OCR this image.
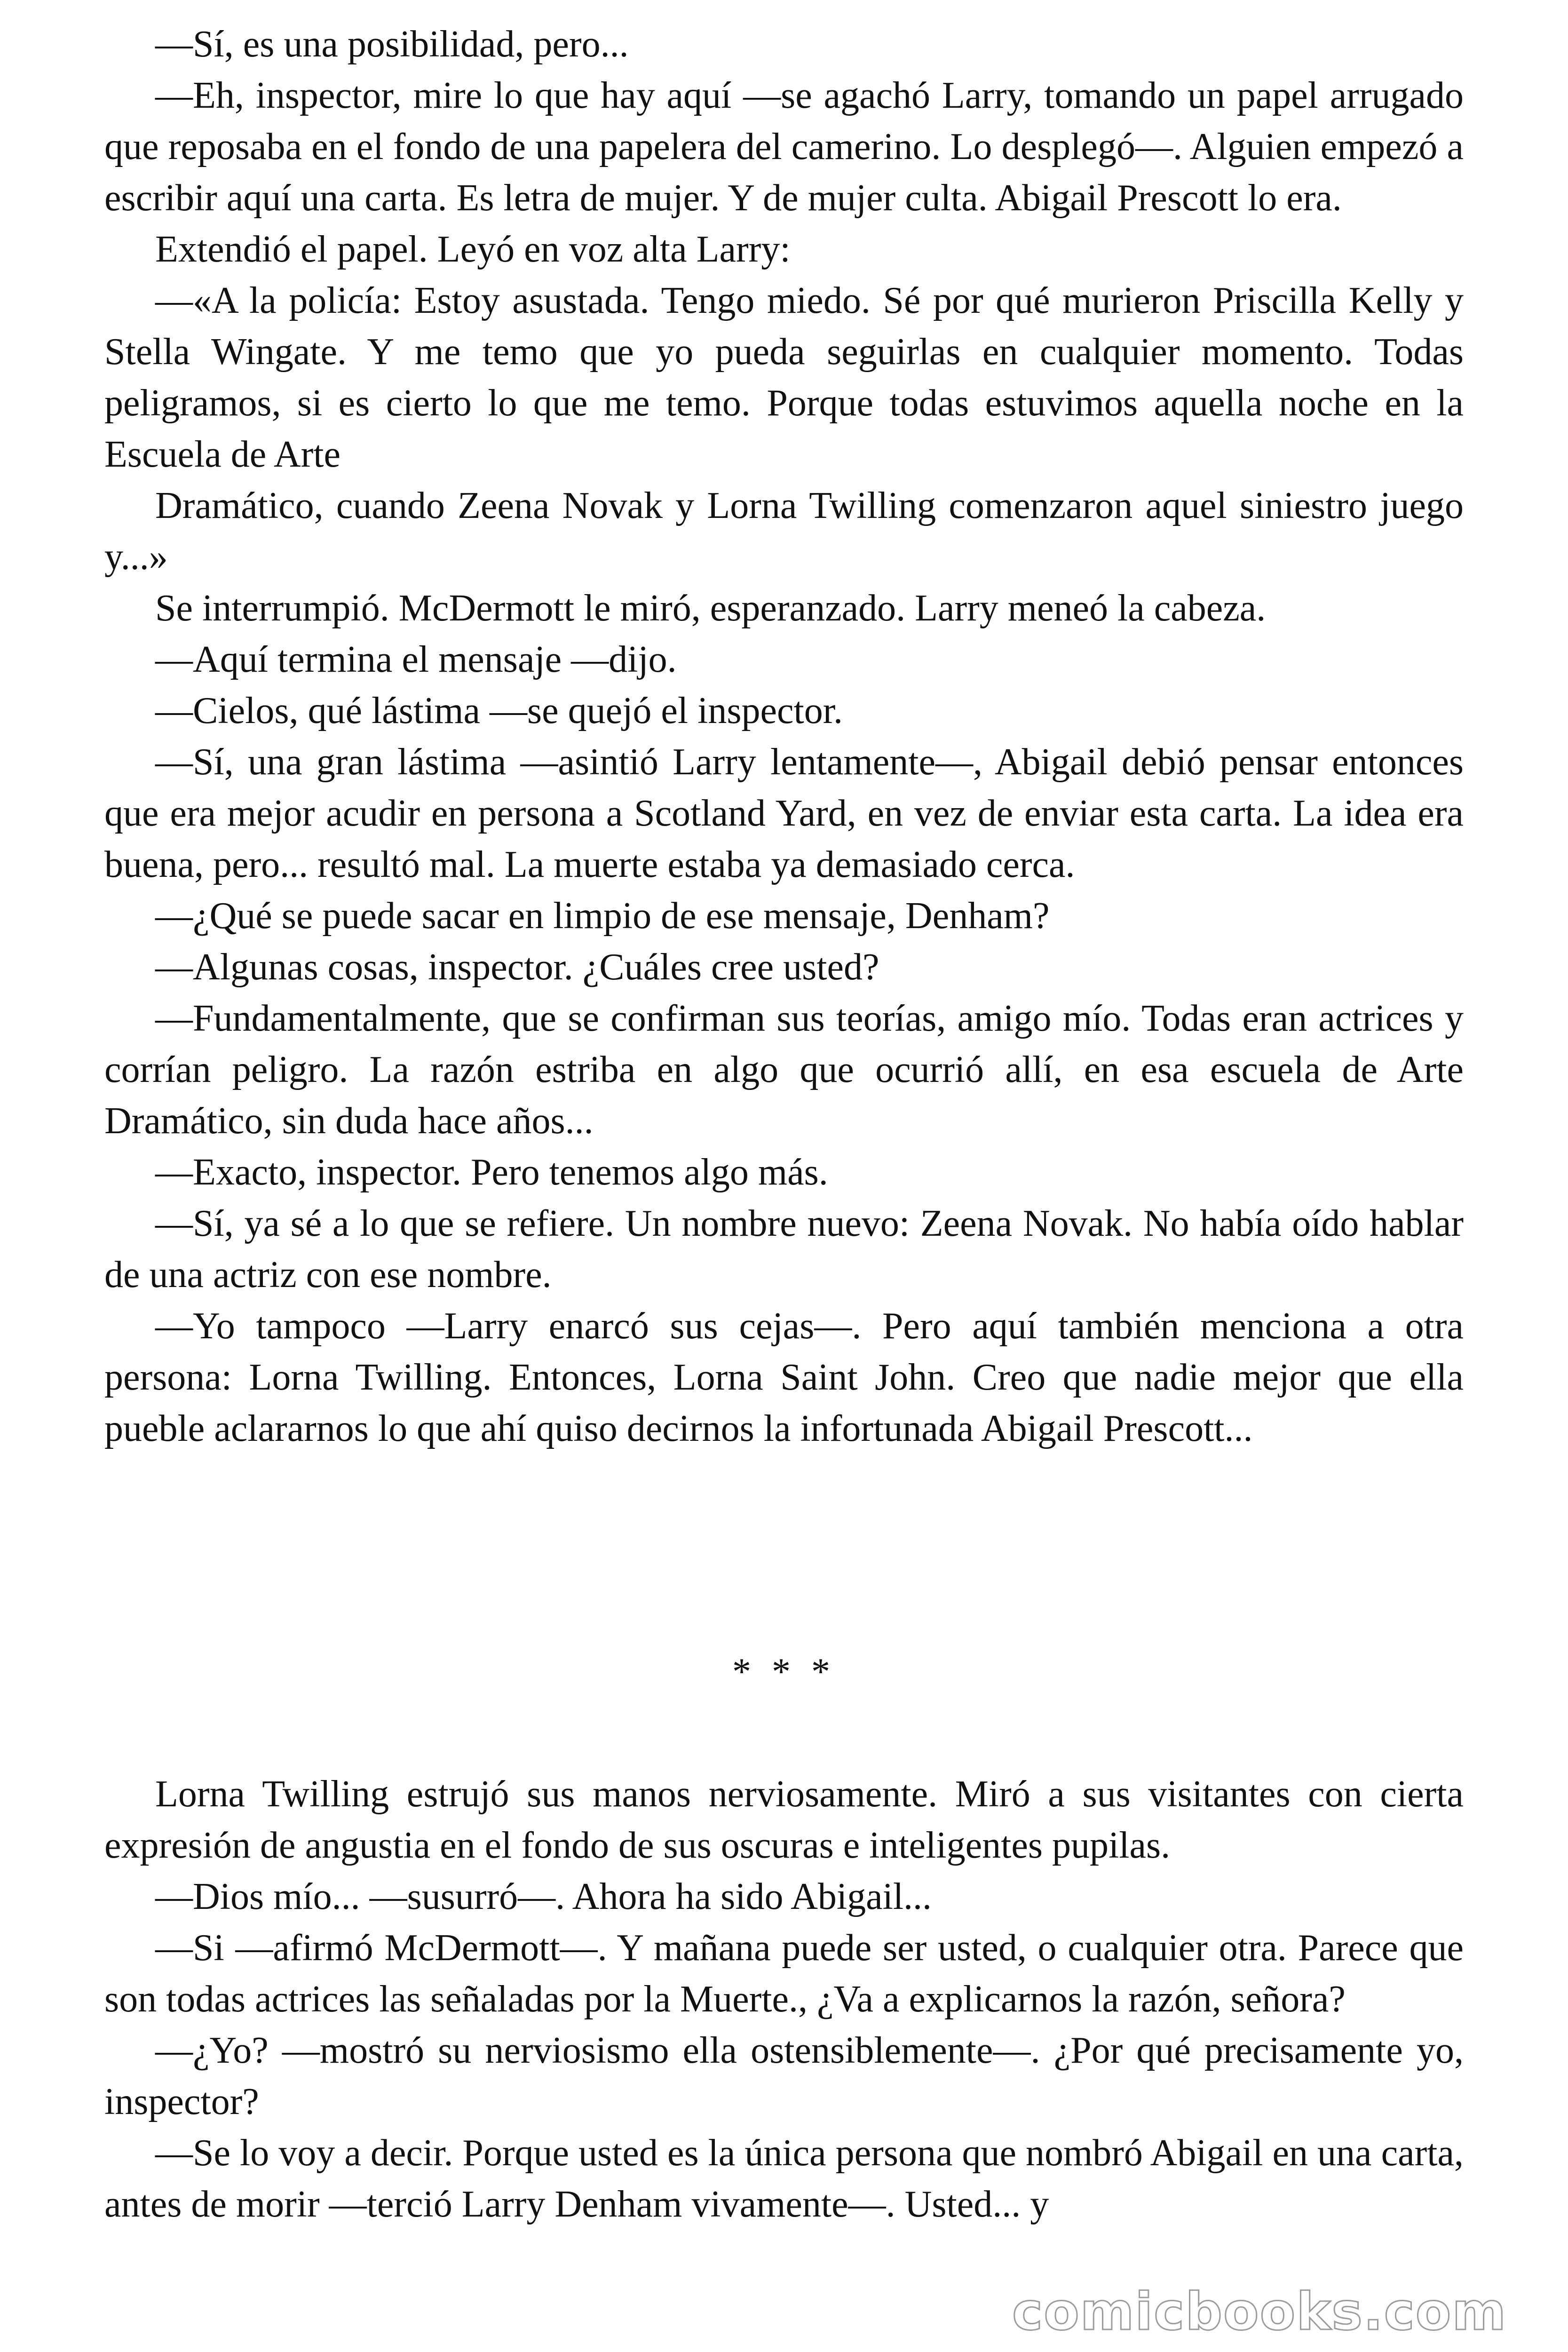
—Sí, es una posibilidad, pero...

—Eh, inspector, mire lo que hay aquí —se agachó Larry, tomando un papel arrugado que reposaba en el fondo de una papelera del camerino. Lo desplegó—. Alguien empezó a escribir aquí una carta. Es letra de mujer. Y de mujer culta. Abigail Prescott lo era.

Extendió el papel. Leyó en voz alta Larry:

—«A la policía: Estoy asustada. Tengo miedo. Sé por qué murieron Priscilla Kelly y Stella Wingate. Y me temo que yo pueda seguirlas en cualquier momento. Todas peligramos, si es cierto lo que me temo. Porque todas estuvimos aquella noche en la Escuela de Arte

Dramático, cuando Zeena Novak y Lorna Twilling comenzaron aquel siniestro juego y...»

Se interrumpió. McDermott le miró, esperanzado. Larry meneó la cabeza.

—Aquí termina el mensaje —dijo.

—Cielos, qué lástima —se quejó el inspector.

—Sí, una gran lástima —asintió Larry lentamente—, Abigail debió pensar entonces que era mejor acudir en persona a Scotland Yard, en vez de enviar esta carta. La idea era buena, pero... resultó mal. La muerte estaba ya demasiado cerca.

—¿Qué se puede sacar en limpio de ese mensaje, Denham?

—Algunas cosas, inspector. ¿Cuáles cree usted?

—Fundamentalmente, que se confirman sus teorías, amigo mío. Todas eran actrices y corrían peligro. La razón estriba en algo que ocurrió allí, en esa escuela de Arte Dramático, sin duda hace años...

—Exacto, inspector. Pero tenemos algo más.

—Sí, ya sé a lo que se refiere. Un nombre nuevo: Zeena Novak. No había oído hablar de una actriz con ese nombre.

—Yo tampoco —Larry enarcó sus cejas—. Pero aquí también menciona a otra persona: Lorna Twilling. Entonces, Lorna Saint John. Creo que nadie mejor que ella pueble aclararnos lo que ahí quiso decirnos la infortunada Abigail Prescott...

* * *

Lorna Twilling estrujó sus manos nerviosamente. Miró a sus visitantes con cierta expresión de angustia en el fondo de sus oscuras e inteligentes pupilas.

—Dios mío... —susurró—. Ahora ha sido Abigail...

—Si —afirmó McDermott—. Y mañana puede ser usted, o cualquier otra. Parece que son todas actrices las señaladas por la Muerte., ¿Va a explicarnos la razón, señora?

—¿Yo? —mostró su nerviosismo ella ostensiblemente—. ¿Por qué precisamente yo, inspector?

—Se lo voy a decir. Porque usted es la única persona que nombró Abigail en una carta, antes de morir —terció Larry Denham vivamente—. Usted... y

comicbooks.com
